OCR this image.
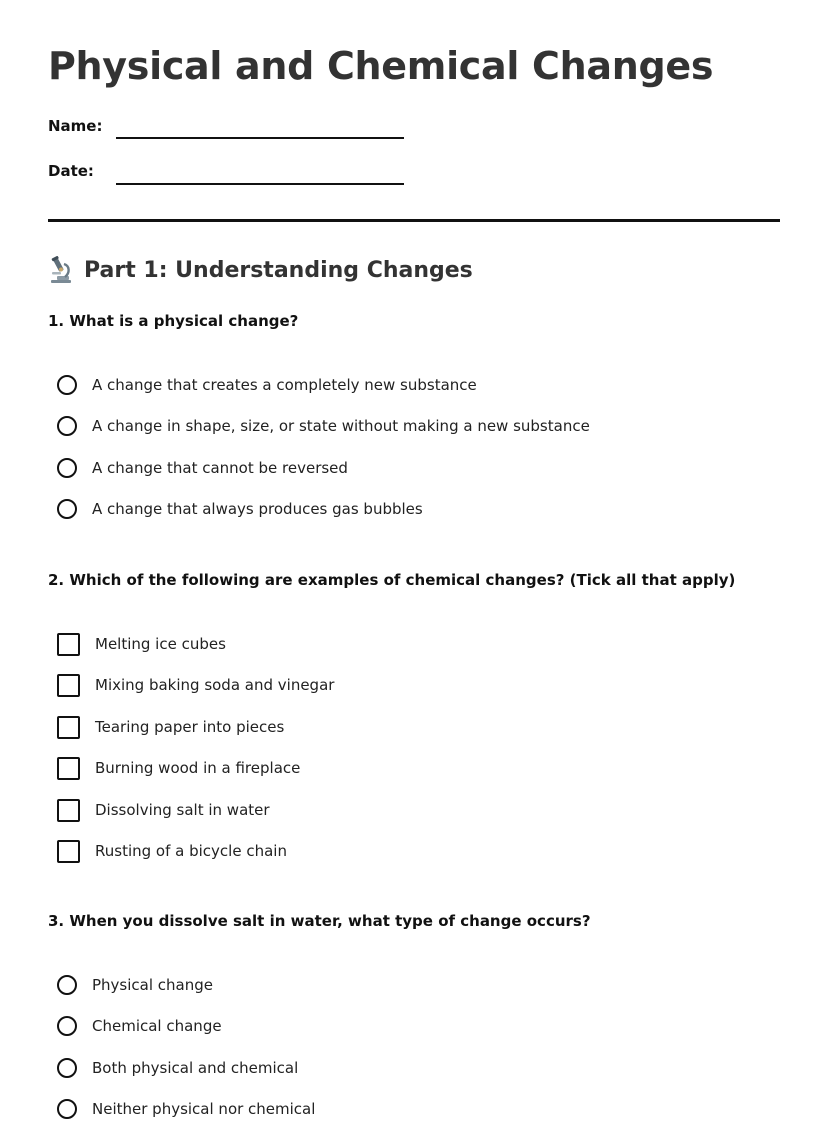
Physical and Chemical Changes
Name:
Date:
Part 1: Understanding Changes
1. What is a physical change?
A change that creates a completely new substance
A change in shape, size, or state without making a new substance
A change that cannot be reversed
A change that always produces gas bubbles
2. Which of the following are examples of chemical changes? (Tick all that apply)
Melting ice cubes
Mixing baking soda and vinegar
Tearing paper into pieces
Burning wood in a fireplace
Dissolving salt in water
Rusting of a bicycle chain
3. When you dissolve salt in water, what type of change occurs?
Physical change
Chemical change
Both physical and chemical
Neither physical nor chemical
